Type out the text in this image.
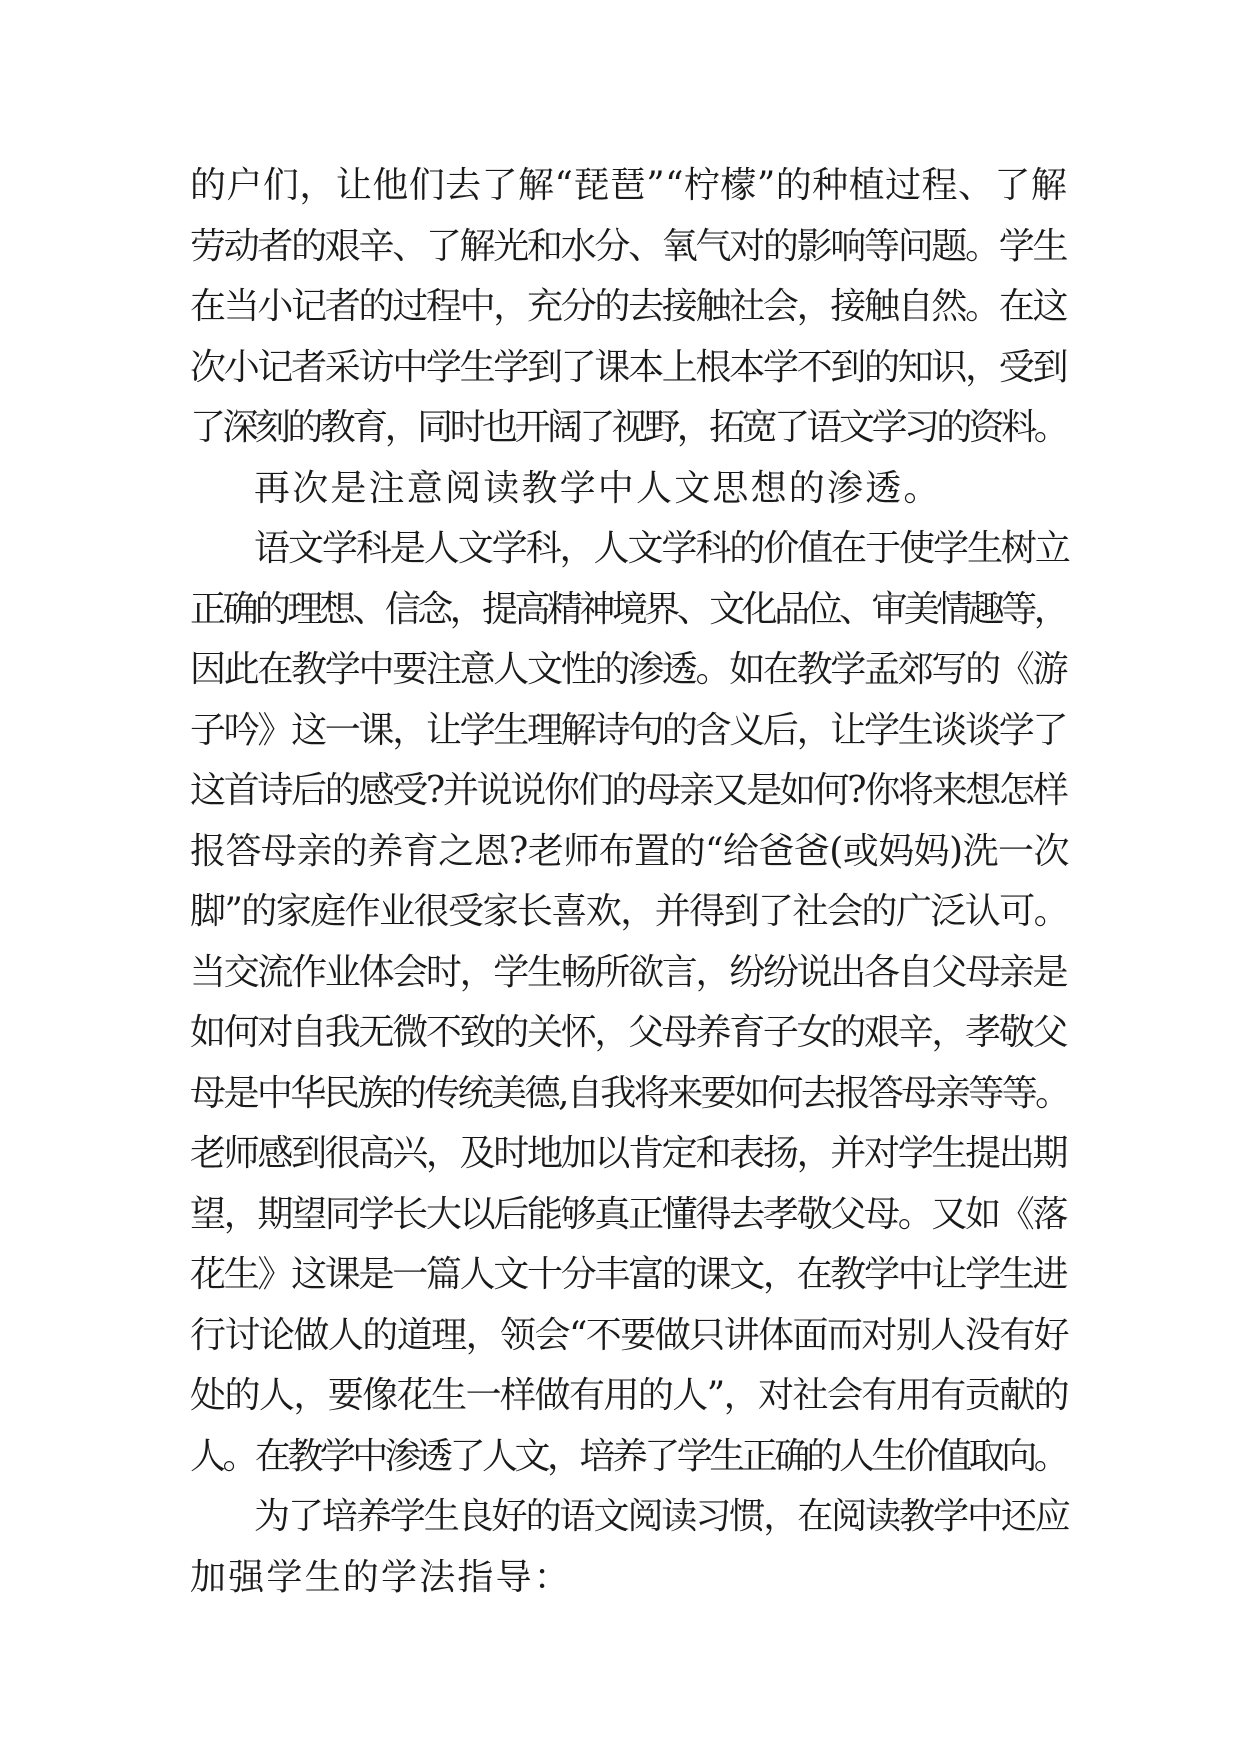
的户们，让他们去了解“琵琶”“柠檬”的种植过程、了解
劳动者的艰辛、了解光和水分、氧气对的影响等问题。学生
在当小记者的过程中，充分的去接触社会，接触自然。在这
次小记者采访中学生学到了课本上根本学不到的知识，受到
了深刻的教育，同时也开阔了视野，拓宽了语文学习的资料。
再次是注意阅读教学中人文思想的渗透。
语文学科是人文学科，人文学科的价值在于使学生树立
正确的理想、信念，提高精神境界、文化品位、审美情趣等，
因此在教学中要注意人文性的渗透。如在教学孟郊写的《游
子吟》这一课，让学生理解诗句的含义后，让学生谈谈学了
这首诗后的感受?并说说你们的母亲又是如何?你将来想怎样
报答母亲的养育之恩?老师布置的“给爸爸(或妈妈)洗一次
脚”的家庭作业很受家长喜欢，并得到了社会的广泛认可。
当交流作业体会时，学生畅所欲言，纷纷说出各自父母亲是
如何对自我无微不致的关怀，父母养育子女的艰辛，孝敬父
母是中华民族的传统美德,自我将来要如何去报答母亲等等。
老师感到很高兴，及时地加以肯定和表扬，并对学生提出期
望，期望同学长大以后能够真正懂得去孝敬父母。又如《落
花生》这课是一篇人文十分丰富的课文，在教学中让学生进
行讨论做人的道理，领会“不要做只讲体面而对别人没有好
处的人，要像花生一样做有用的人”，对社会有用有贡献的
人。在教学中渗透了人文，培养了学生正确的人生价值取向。
为了培养学生良好的语文阅读习惯，在阅读教学中还应
加强学生的学法指导：
